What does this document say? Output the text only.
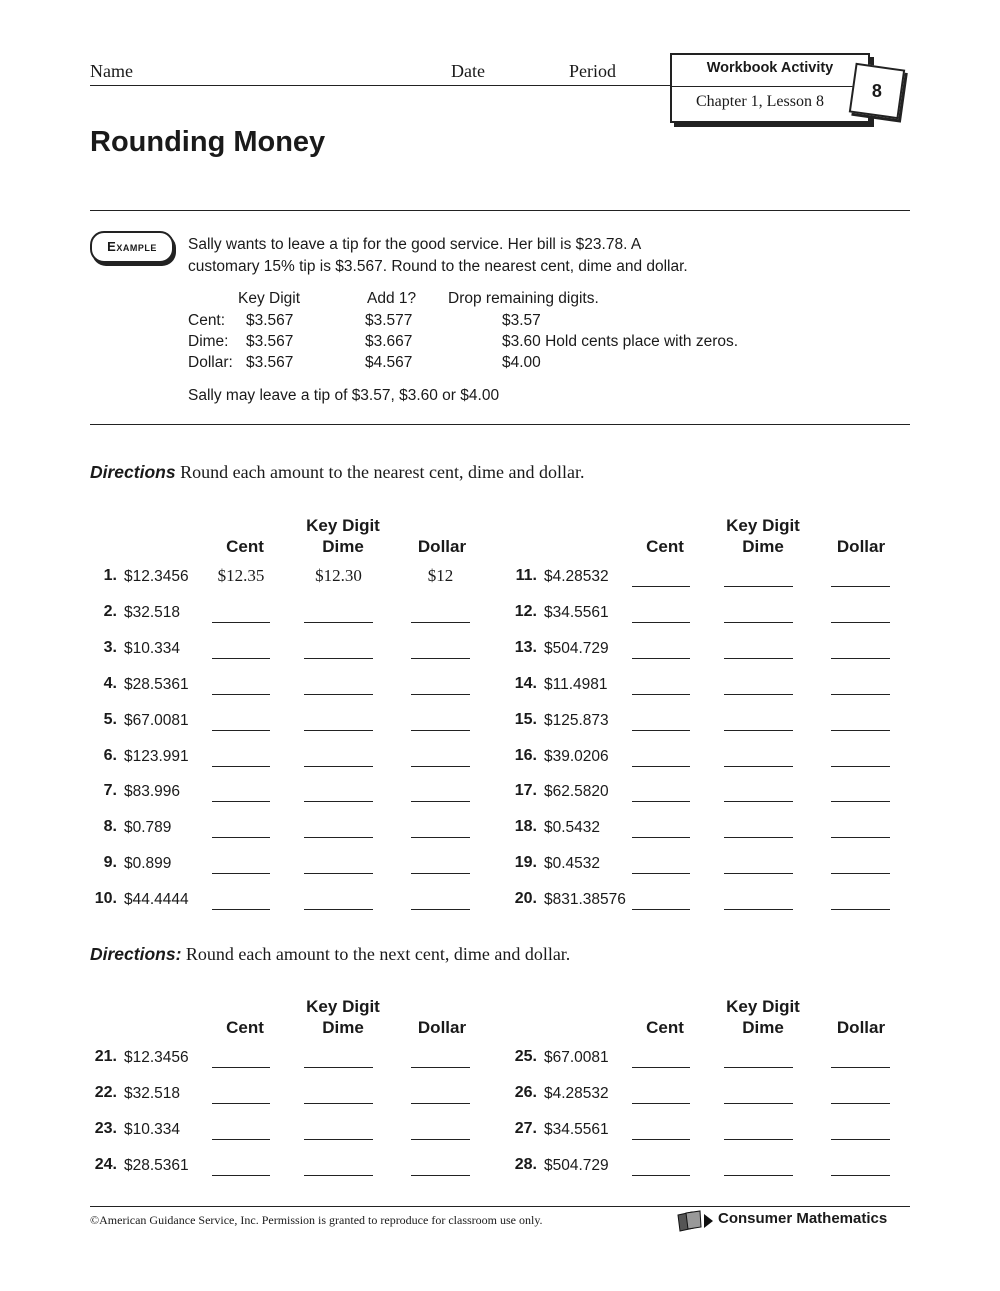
Name	Date	Period	Workbook Activity
Chapter 1, Lesson 8
8
Rounding Money
Example	Sally wants to leave a tip for the good service. Her bill is $23.78. A
customary 15% tip is $3.567. Round to the nearest cent, dime and dollar.
Key Digit	Add 1? Drop remaining digits.
Cent: $3.567	$3.577	$3.57
Dime: $3.567	$3.667	$3.60 Hold cents place with zeros.
Dollar: $3.567	$4.567	$4.00
Sally may leave a tip of $3.57, $3.60 or $4.00
Directions Round each amount to the nearest cent, dime and dollar.
Key Digit
Cent	Dime	Dollar
Key Digit
Cent	Dime	Dollar
1. $12.3456	$12.35	$12.30	$12
2. $32.518
3. $10.334
4. $28.5361
5. $67.0081
6. $123.991
7. $83.996
8. $0.789
9. $0.899
10. $44.4444
11. $4.28532
12. $34.5561
13. $504.729
14. $11.4981
15. $125.873
16. $39.0206
17. $62.5820
18. $0.5432
19. $0.4532
20. $831.38576
Directions: Round each amount to the next cent, dime and dollar.
Key Digit
Cent	Dime	Dollar
Key Digit
Cent	Dime	Dollar
21. $12.3456
22. $32.518
23. $10.334
24. $28.5361
25. $67.0081
26. $4.28532
27. $34.5561
28. $504.729
©American Guidance Service, Inc. Permission is granted to reproduce for classroom use only.	Consumer Mathematics
